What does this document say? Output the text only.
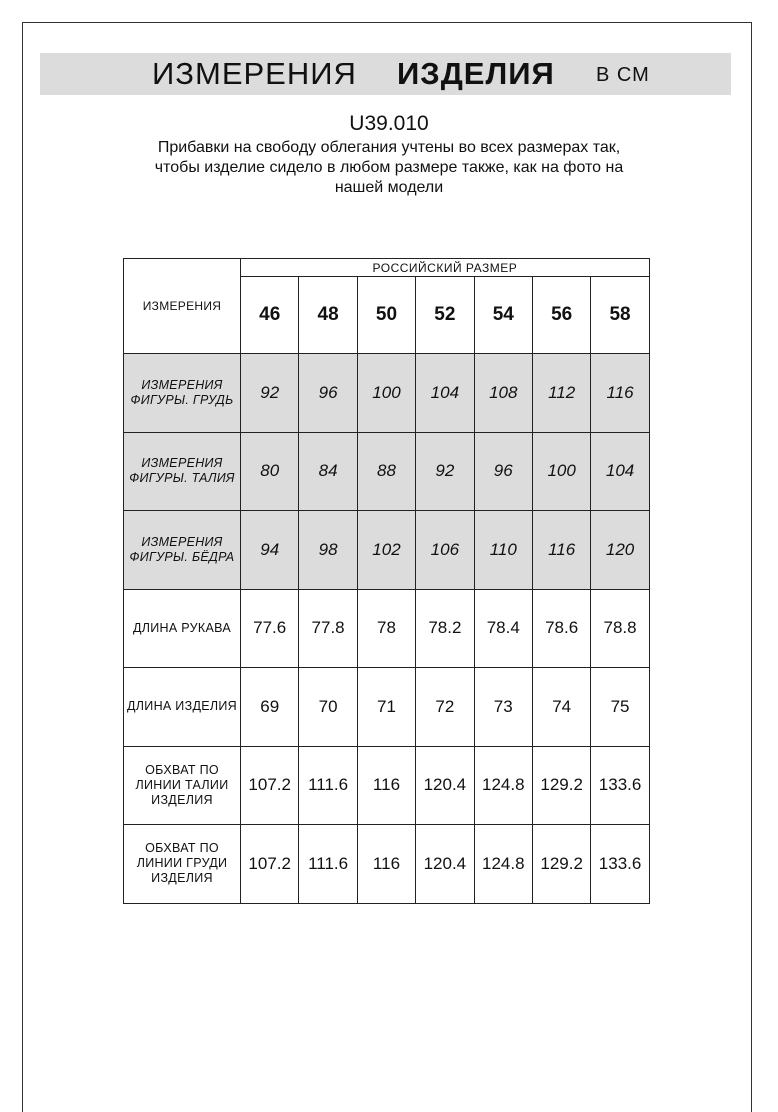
ИЗМЕРЕНИЯ ИЗДЕЛИЯ В СМ
U39.010
Прибавки на свободу облегания учтены во всех размерах так,
чтобы изделие сидело в любом размере также, как на фото на
нашей модели
ИЗМЕРЕНИЯ	РОССИЙСКИЙ РАЗМЕР						
	46	48	50	52	54	56	58

ИЗМЕРЕНИЯ
ФИГУРЫ. ГРУДЬ	92	96	100	104	108	112	116

ИЗМЕРЕНИЯ
ФИГУРЫ. ТАЛИЯ	80	84	88	92	96	100	104

ИЗМЕРЕНИЯ
ФИГУРЫ. БЁДРА	94	98	102	106	110	116	120

ДЛИНА РУКАВА	77.6	77.8	78	78.2	78.4	78.6	78.8

ДЛИНА ИЗДЕЛИЯ	69	70	71	72	73	74	75

ОБХВАТ ПО
ЛИНИИ ТАЛИИ
ИЗДЕЛИЯ	107.2	111.6	116	120.4	124.8	129.2	133.6

ОБХВАТ ПО
ЛИНИИ ГРУДИ
ИЗДЕЛИЯ	107.2	111.6	116	120.4	124.8	129.2	133.6
